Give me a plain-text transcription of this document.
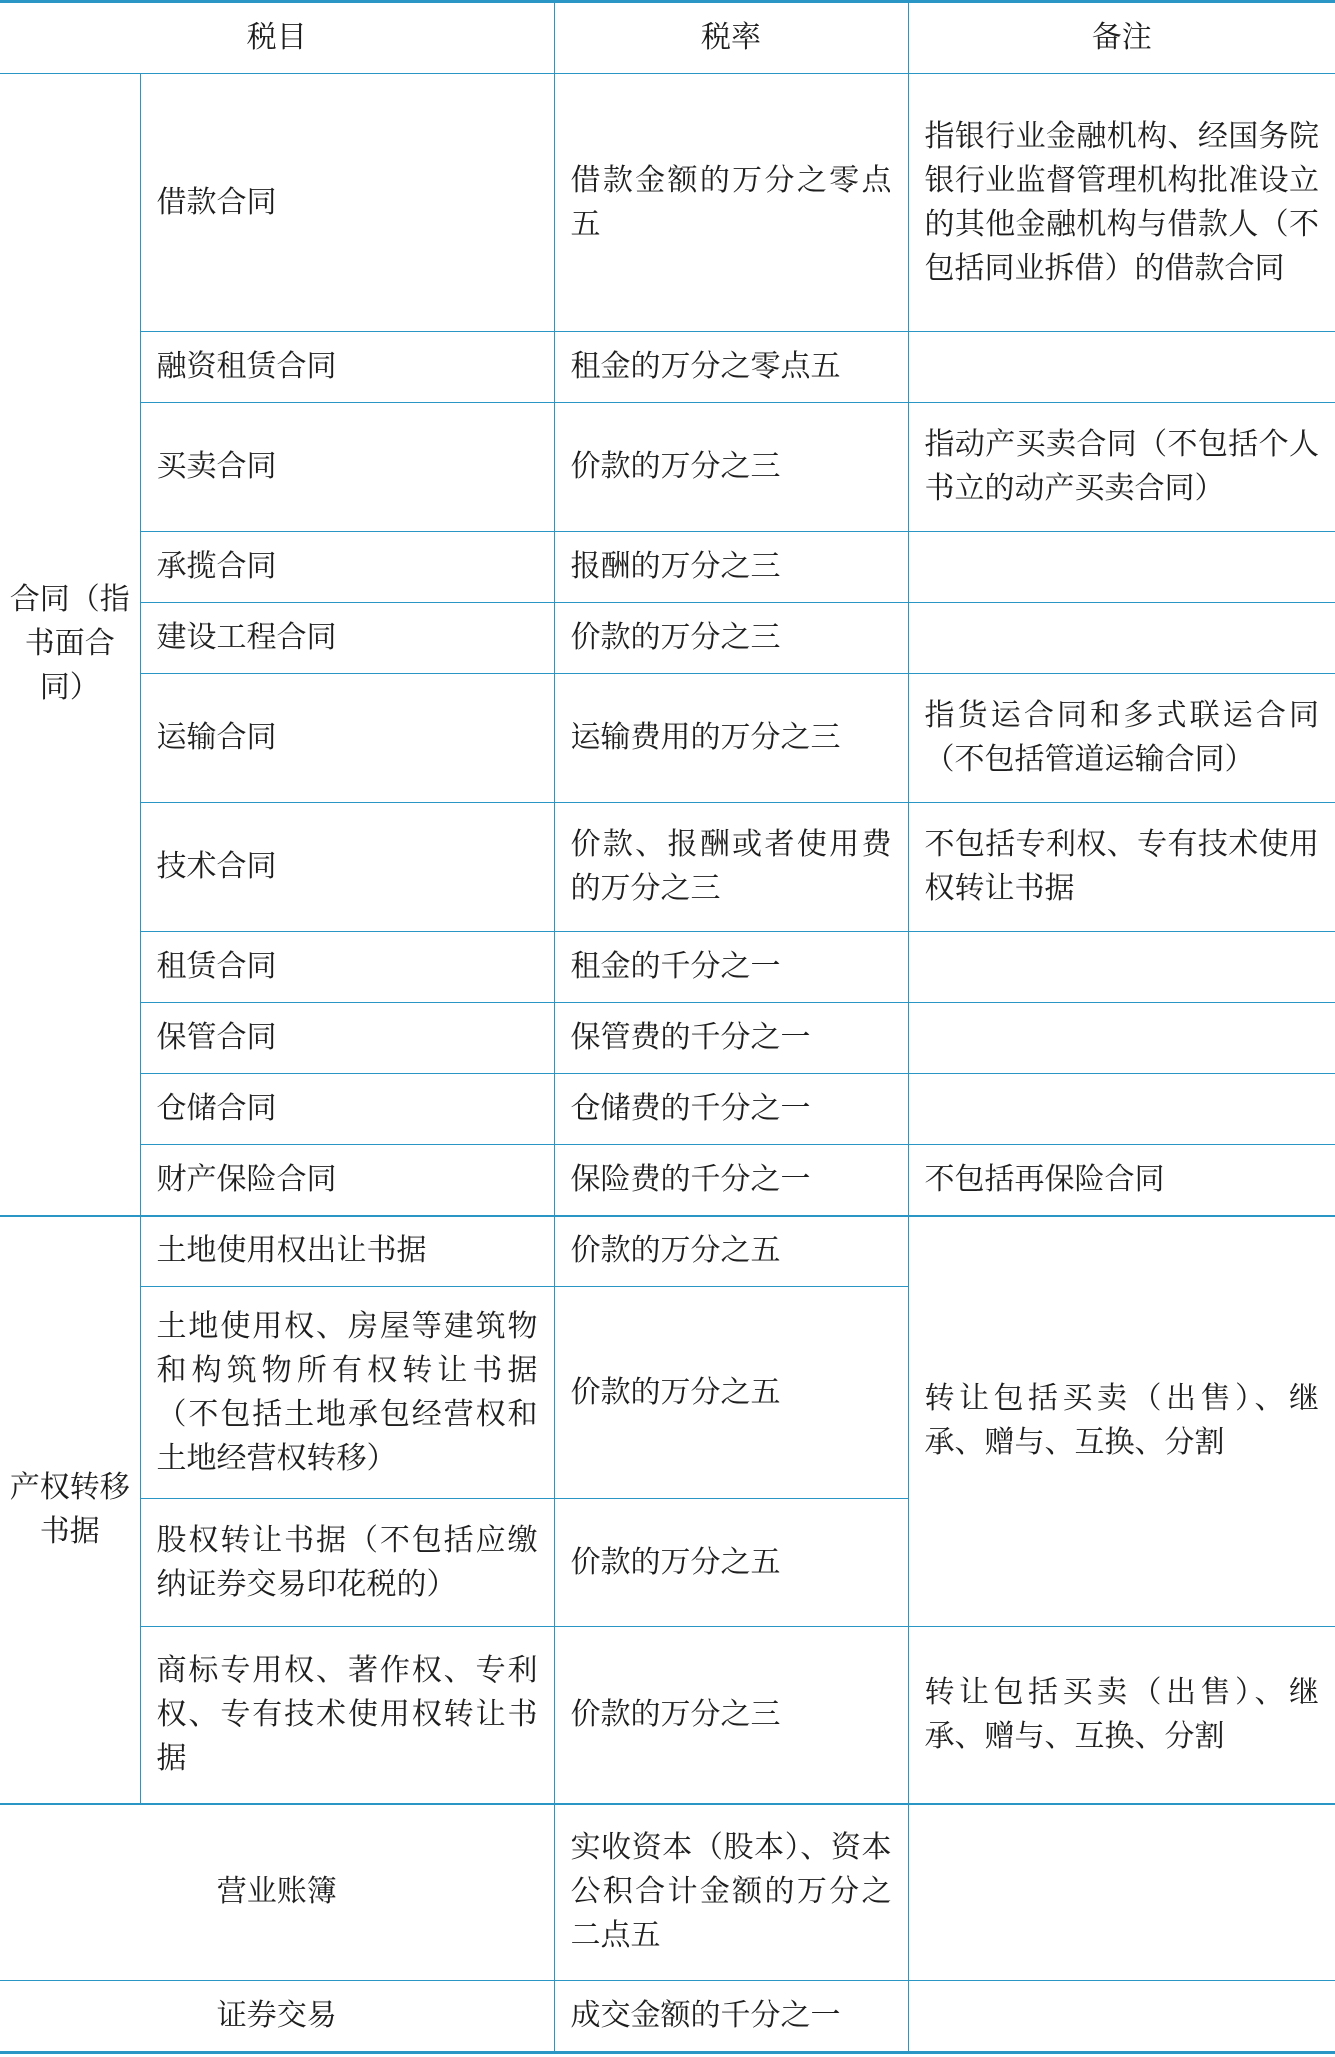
税目		税率	备注
合同（指书面合同）	借款合同	借款金额的万分之零点五	指银行业金融机构、经国务院银行业监督管理机构批准设立的其他金融机构与借款人（不包括同业拆借）的借款合同
	融资租赁合同	租金的万分之零点五	
	买卖合同	价款的万分之三	指动产买卖合同（不包括个人书立的动产买卖合同）
	承揽合同	报酬的万分之三	
	建设工程合同	价款的万分之三	
	运输合同	运输费用的万分之三	指货运合同和多式联运合同（不包括管道运输合同）
	技术合同	价款、报酬或者使用费的万分之三	不包括专利权、专有技术使用权转让书据
	租赁合同	租金的千分之一	
	保管合同	保管费的千分之一	
	仓储合同	仓储费的千分之一	
	财产保险合同	保险费的千分之一	不包括再保险合同
产权转移书据	土地使用权出让书据	价款的万分之五	转让包括买卖（出售）、继承、赠与、互换、分割
	土地使用权、房屋等建筑物和构筑物所有权转让书据（不包括土地承包经营权和土地经营权转移）	价款的万分之五	
	股权转让书据（不包括应缴纳证券交易印花税的）	价款的万分之五	
	商标专用权、著作权、专利权、专有技术使用权转让书据	价款的万分之三	转让包括买卖（出售）、继承、赠与、互换、分割
营业账簿		实收资本（股本）、资本公积合计金额的万分之二点五	
证券交易		成交金额的千分之一	
